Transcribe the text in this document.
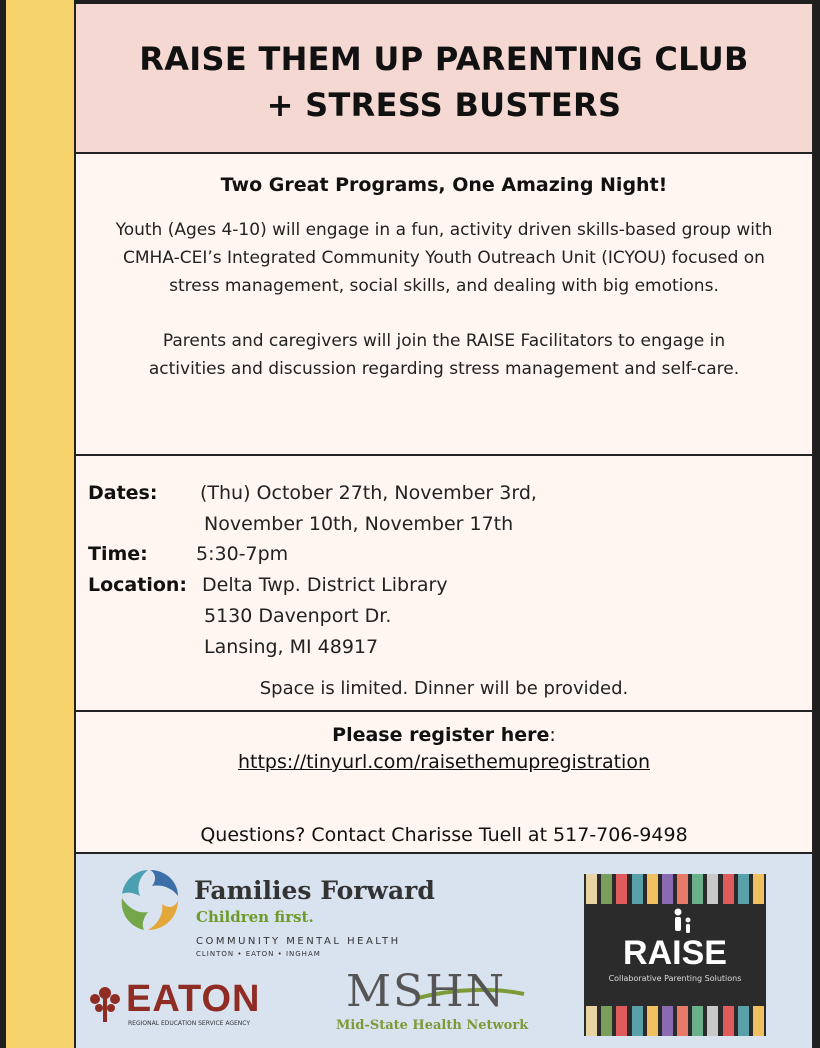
RAISE THEM UP PARENTING CLUB
+ STRESS BUSTERS
Two Great Programs, One Amazing Night!

Youth (Ages 4-10) will engage in a fun, activity driven skills-based group with CMHA-CEI’s Integrated Community Youth Outreach Unit (ICYOU) focused on stress management, social skills, and dealing with big emotions.

Parents and caregivers will join the RAISE Facilitators to engage in activities and discussion regarding stress management and self-care.

Dates: (Thu) October 27th, November 3rd,
November 10th, November 17th
Time:	5:30-7pm
Location: Delta Twp. District Library
5130 Davenport Dr.
Lansing, MI 48917
Space is limited. Dinner will be provided.
Please register here:
https://tinyurl.com/raisethemupregistration
Questions? Contact Charisse Tuell at 517-706-9498
Families Forward
Children first.
COMMUNITY MENTAL HEALTH
CLINTON • EATON • INGHAM
EATON
REGIONAL EDUCATION SERVICE AGENCY
MSHN
Mid-State Health Network
RAISE
Collaborative Parenting Solutions
